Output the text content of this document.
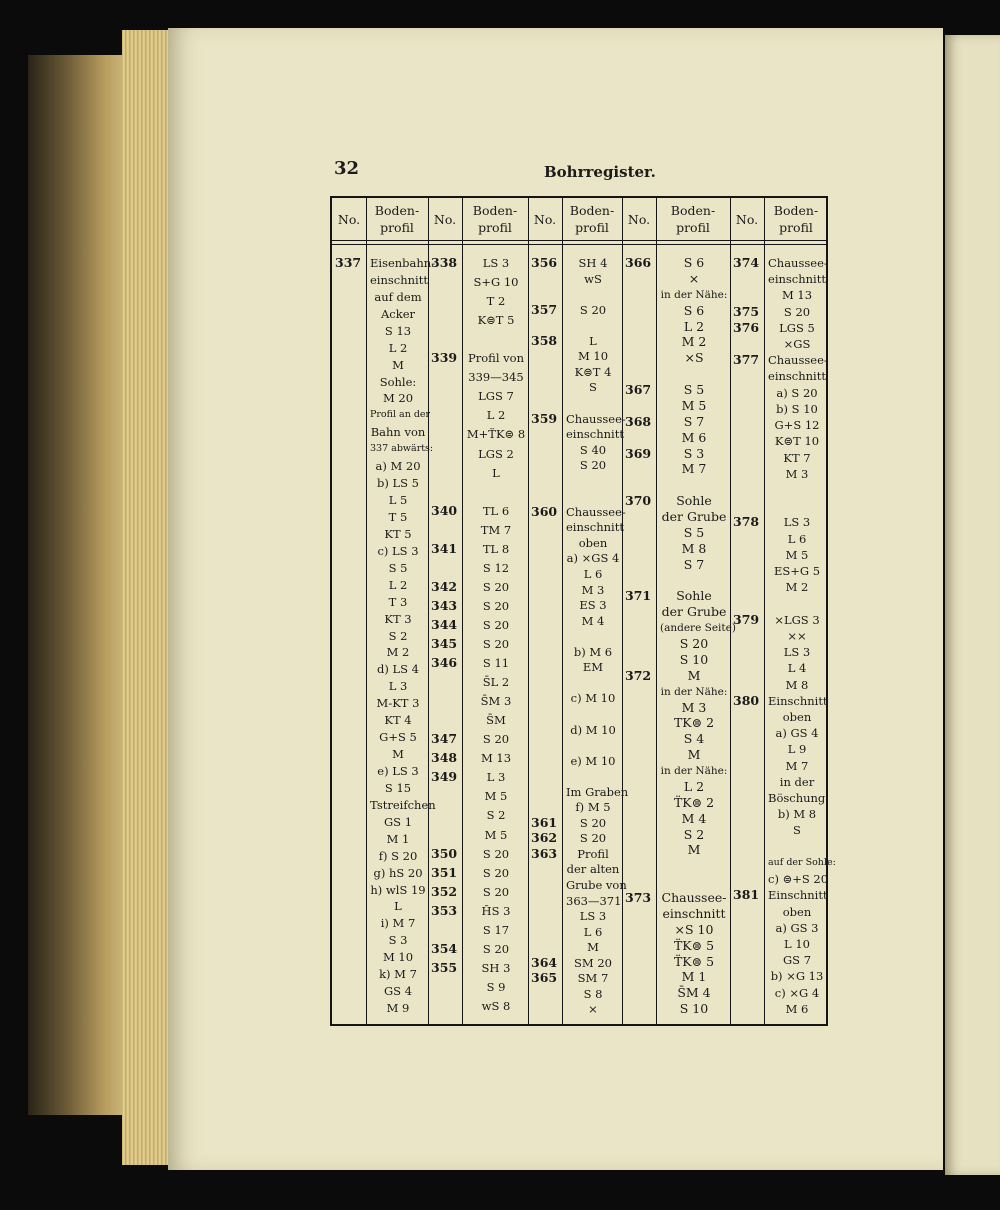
32	Bohrregister.
No.
Boden-
profil
No.
Boden-
profil
No.
Boden-
profil
No.
Boden-
profil
No.
Boden-
profil
337 Eisenbahn-
einschnitt
auf dem
Acker
S 13
L 2
M
Sohle:
M 20
Profil an der
Bahn von
337 abwärts:
a) M 20
b) LS 5
L 5
T 5
KT 5
c) LS 3
S 5
L 2
T 3
KT 3
S 2
M 2
d) LS 4
L 3
M-KT 3
KT 4
G+S 5
M
e) LS 3
S 15
Tstreifchen
GS 1
M 1
f) S 20
g) hS 20
h) wlS 19
L
i) M 7
S 3
M 10
k) M 7
GS 4
M 9
338
339
340
341
342
343
344
345
346
347
348
349
350
351
352
353
354
355
LS 3
S+G 10
T 2
K⊜T 5
Profil von
339—345
LGS 7
L 2
M+T̈K⊜ 8
LGS 2
L
TL 6
TM 7
TL 8
S 12
S 20
S 20
S 20
S 20
S 11
S̄L 2
S̄M 3
S̄M
S 20
M 13
L 3
M 5
S 2
M 5
S 20
S 20
S 20
H̆S 3
S 17
S 20
SH 3
S 9
wS 8
356
357
358
359
360
361
362
363
364
365
SH 4
wS
S 20
L
M 10
K⊜T 4
S
Chaussee-
einschnitt
S 40
S 20
Chaussee-
einschnitt
oben
a) ×GS 4
L 6
M 3
ES 3
M 4
b) M 6
EM
c) M 10
d) M 10
e) M 10
Im Graben
f) M 5
S 20
S 20
Profil
der alten
Grube von
363—371
LS 3
L 6
M
SM 20
SM 7
S 8
×
366
367
368
369
370
371
372
373
S 6
×
in der Nähe:
S 6
L 2
M 2
×S
S 5
M 5
S 7
M 6
S 3
M 7
Sohle
der Grube
S 5
M 8
S 7
Sohle
der Grube
(andere Seite)
S 20
S 10
M
in der Nähe:
M 3
TK⊜ 2
S 4
M
in der Nähe:
L 2
T̈K⊜ 2
M 4
S 2
M
Chaussee-
einschnitt
×S 10
T̈K⊜ 5
T̈K⊜ 5
M 1
S̄M 4
S 10
374
375
376
377
378
379
380
381
Chaussee-
einschnitt
M 13
S 20
LGS 5
×GS
Chaussee-
einschnitt
a) S 20
b) S 10
G+S 12
K⊜T 10
KT 7
M 3
LS 3
L 6
M 5
ES+G 5
M 2
×LGS 3
××
LS 3
L 4
M 8
Einschnitt
oben
a) GS 4
L 9
M 7
in der
Böschung:
b) M 8
S
auf der Sohle:
c) ⊜+S 20
Einschnitt
oben
a) GS 3
L 10
GS 7
b) ×G 13
c) ×G 4
M 6
